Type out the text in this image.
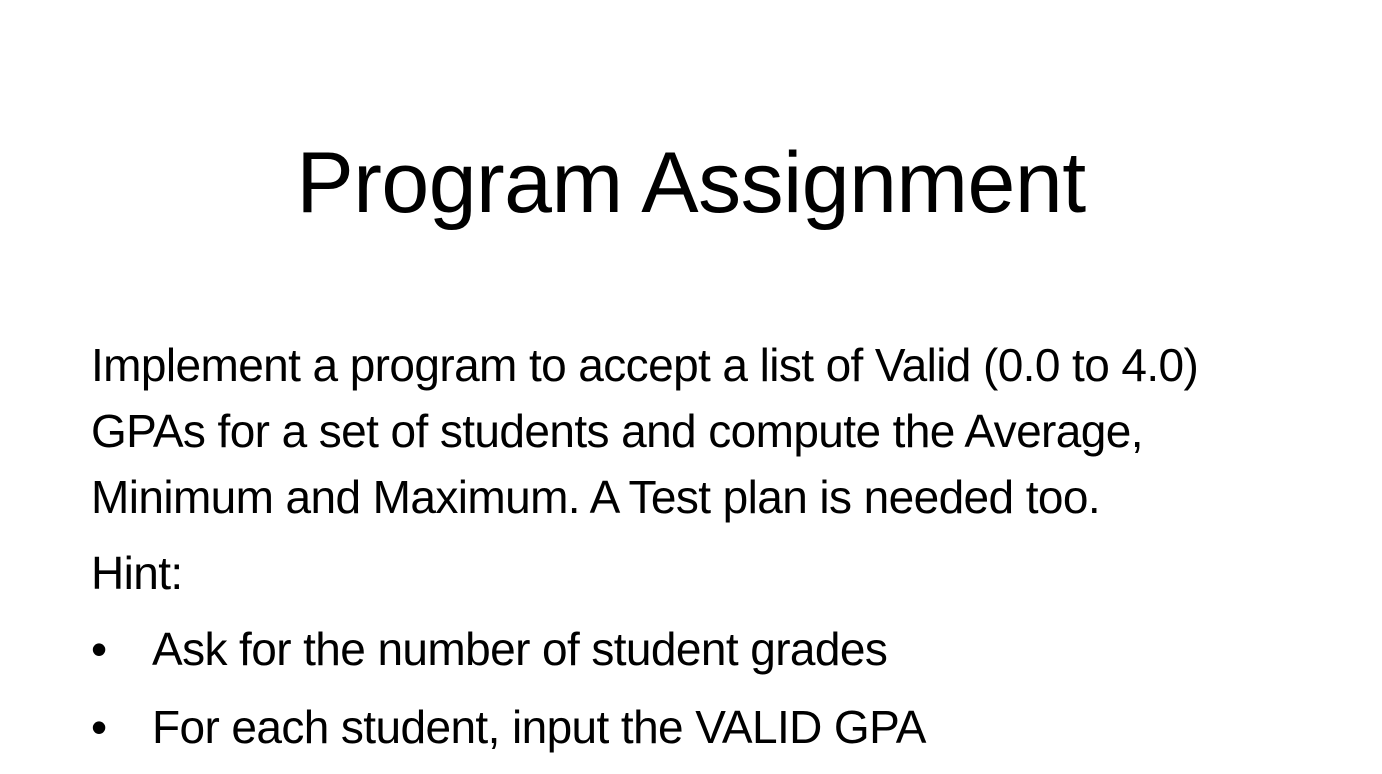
Program Assignment
Implement a program to accept a list of Valid (0.0 to 4.0)
GPAs for a set of students and compute the Average,
Minimum and Maximum. A Test plan is needed too.
Hint:
• Ask for the number of student grades
• For each student, input the VALID GPA
